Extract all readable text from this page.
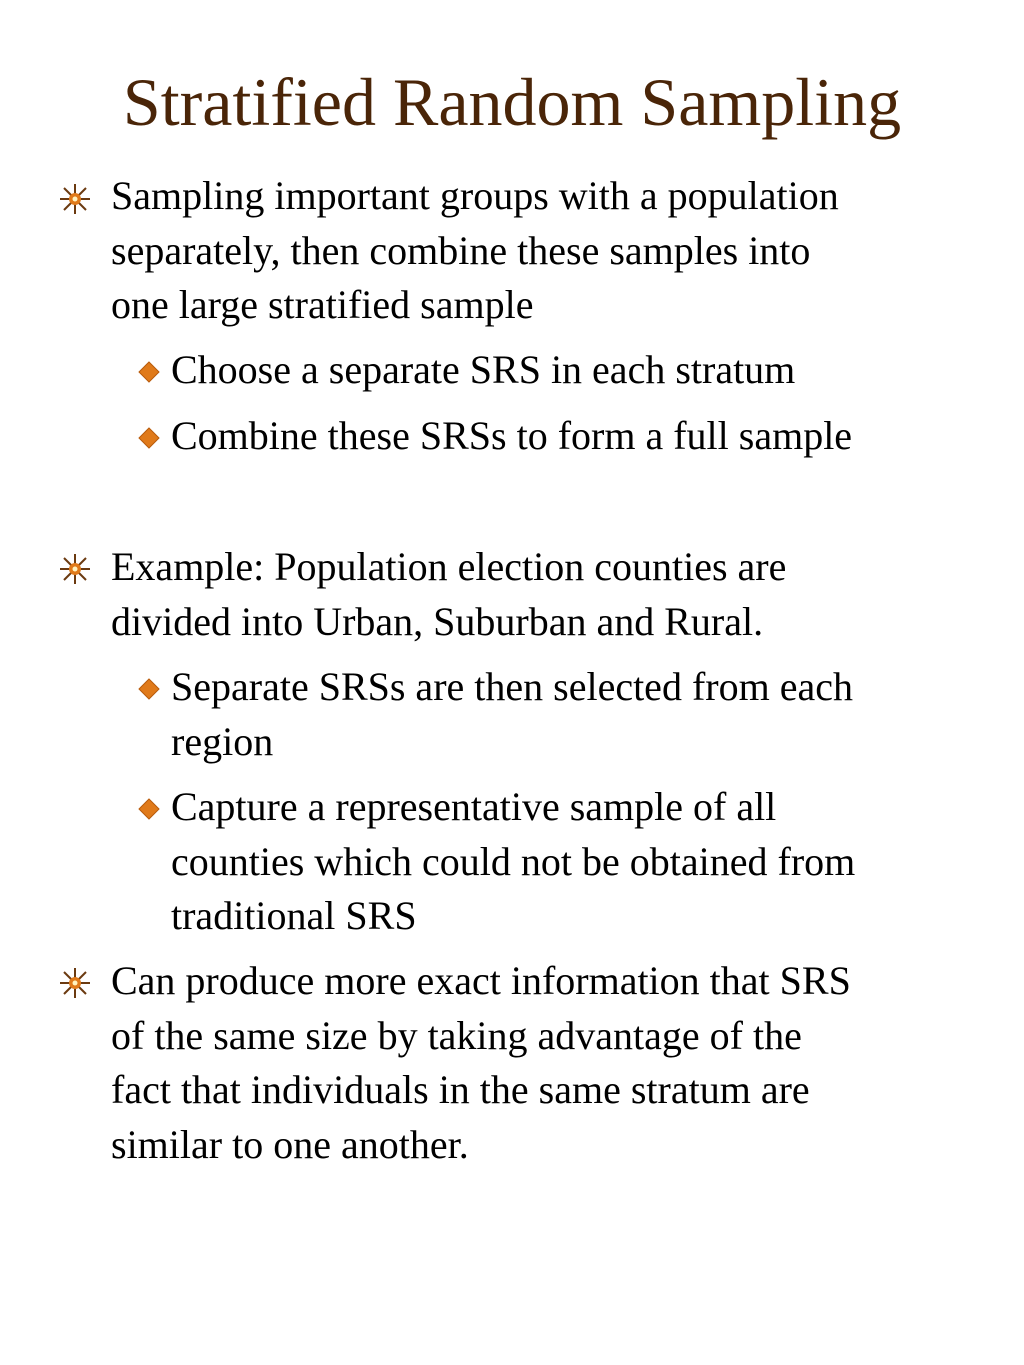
Stratified Random Sampling
Sampling important groups with a population
separately, then combine these samples into
one large stratified sample
Choose a separate SRS in each stratum
Combine these SRSs to form a full sample
Example: Population election counties are
divided into Urban, Suburban and Rural.
Separate SRSs are then selected from each
region
Capture a representative sample of all
counties which could not be obtained from
traditional SRS
Can produce more exact information that SRS
of the same size by taking advantage of the
fact that individuals in the same stratum are
similar to one another.
